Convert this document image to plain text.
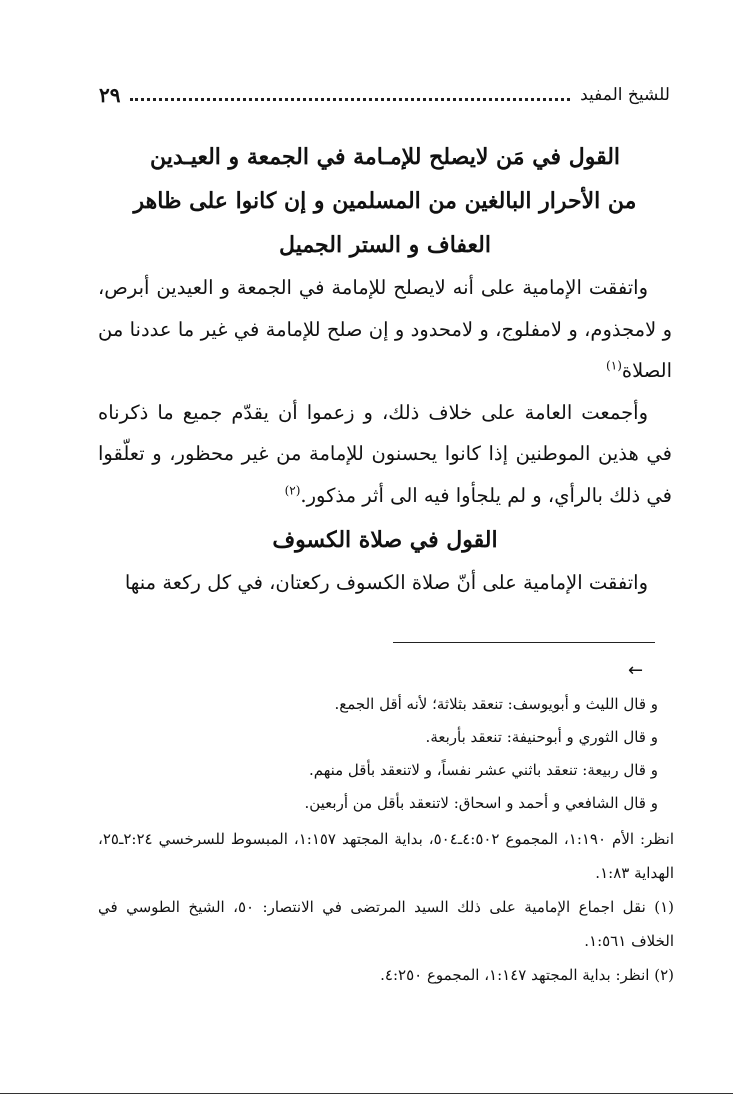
للشيخ المفيد
٢٩

القول في مَن لايصلح للإمـامة في الجمعة و العيـدين

من الأحرار البالغين من المسلمين و إن كانوا على ظاهر

العفاف و الستر الجميل

واتفقت الإمامية على أنه لايصلح للإمامة في الجمعة و العيدين أبرص، و لامجذوم، و لامفلوج، و لامحدود و إن صلح للإمامة في غير ما عددنا من الصلاة$^{(١)}$

وأجمعت العامة على خلاف ذلك، و زعموا أن يقدّم جميع ما ذكرناه في هذين الموطنين إذا كانوا يحسنون للإمامة من غير محظور، و تعلّقوا في ذلك بالرأي، و لم يلجأوا فيه الى أثر مذكور.$^{(٢)}$

القول في صلاة الكسوف

واتفقت الإمامية على أنّ صلاة الكسوف ركعتان، في كل ركعة منها

←

و قال الليث و أبويوسف: تنعقد بثلاثة؛ لأنه أقل الجمع.

و قال الثوري و أبوحنيفة: تنعقد بأربعة.

و قال ربيعة: تنعقد باثني عشر نفساً، و لاتنعقد بأقل منهم.

و قال الشافعي و أحمد و اسحاق: لاتنعقد بأقل من أربعين.

انظر: الأم ١:١٩٠، المجموع ٤:٥٠٢ـ٥٠٤، بداية المجتهد ١:١٥٧، المبسوط للسرخسي ٢:٢٤ـ٢٥، الهداية ١:٨٣.

(١) نقل اجماع الإمامية على ذلك السيد المرتضى في الانتصار: ٥٠، الشيخ الطوسي في الخلاف ١:٥٦١.

(٢) انظر: بداية المجتهد ١:١٤٧، المجموع ٤:٢٥٠.
